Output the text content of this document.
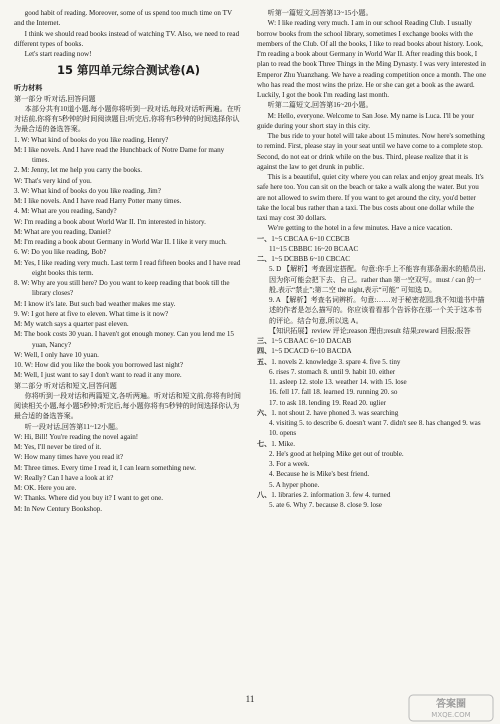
good habit of reading. Moreover, some of us spend too much time on TV and the Internet.

I think we should read books instead of watching TV. Also, we need to read different types of books.

Let's start reading now!

15 第四单元综合测试卷(A)

听力材料

第一部分 听对话,回答问题

本部分共有10道小题,每小题你将听到一段对话,每段对话听两遍。在听对话前,你将有5秒钟的时间阅读题目;听完后,你将有5秒钟的时间选择你认为最合适的备选答案。

1. W: What kind of books do you like reading, Henry?

M: I like novels. And I have read the Hunchback of Notre Dame for many times.

2. M: Jenny, let me help you carry the books.

W: That's very kind of you.

3. W: What kind of books do you like reading, Jim?

M: I like novels. And I have read Harry Potter many times.

4. M: What are you reading, Sandy?

W: I'm reading a book about World War II. I'm interested in history.

M: What are you reading, Daniel?

M: I'm reading a book about Germany in World War II. I like it very much.

6. W: Do you like reading, Bob?

M: Yes, I like reading very much. Last term I read fifteen books and I have read eight books this term.

8. W: Why are you still here? Do you want to keep reading that book till the library closes?

M: I know it's late. But such bad weather makes me stay.

9. W: I got here at five to eleven. What time is it now?

M: My watch says a quarter past eleven.

M: The book costs 30 yuan. I haven't got enough money. Can you lend me 15 yuan, Nancy?

W: Well, I only have 10 yuan.

10. W: How did you like the book you borrowed last night?

M: Well, I just want to say I don't want to read it any more.

第二部分 听对话和短文,回答问题

你将听到一段对话和两篇短文,各听两遍。听对话和短文前,你将有时间阅读相关小题,每小题5秒钟;听完后,每小题你将有5秒钟的时间选择你认为最合适的备选答案。

听一段对话,回答第11~12小题。

W: Hi, Bill! You're reading the novel again!

M: Yes, I'll never be tired of it.

W: How many times have you read it?

M: Three times. Every time I read it, I can learn something new.

W: Really? Can I have a look at it?

M: OK. Here you are.

W: Thanks. Where did you buy it? I want to get one.

M: In New Century Bookshop.

听第一篇短文,回答第13~15小题。

W: I like reading very much. I am in our school Reading Club. I usually borrow books from the school library, sometimes I exchange books with the members of the Club. Of all the books, I like to read books about history. Look, I'm reading a book about Germany in World War II. After reading this book, I plan to read the book Three Things in the Ming Dynasty. I was very interested in Emperor Zhu Yuanzhang. We have a reading competition once a month. The one who has read the most wins the prize. He or she can get a book as the award. Luckily, I got the book I'm reading last month.

听第二篇短文,回答第16~20小题。

M: Hello, everyone. Welcome to San Jose. My name is Luca. I'll be your guide during your short stay in this city.

The bus ride to your hotel will take about 15 minutes. Now here's something to remind. First, please stay in your seat until we have come to a complete stop. Second, do not eat or drink while on the bus. Third, please realize that it is against the law to get drunk in public.

This is a beautiful, quiet city where you can relax and enjoy great meals. It's safe here too. You can sit on the beach or take a walk along the water. But you are not allowed to swim there. If you want to get around the city, you'd better take the local bus rather than a taxi. The bus costs about one dollar while the taxi may cost 30 dollars.

We're getting to the hotel in a few minutes. Have a nice vacation.

一、1~5 CBCAA 6~10 CCBCB

11~15 CBBBC 16~20 BCAAC

二、1~5 DCBBB 6~10 CBCAC

5. D 【解析】考查固定搭配。句意:你手上不能容有那条溺水的船员出,因为你可能会把下去、自己。rather than 第一空双写。must / can 的一般,表示“禁止”;第二空 the night,表示“可能” 可知选 D。

9. A 【解析】考查名词辨析。句意:……对于秘密花园,我不知道书中描述的作者是怎么描写的。你应该看看那个告诉你在那一个关于这本书的评论。结合句意,所以选 A。

【知识拓展】review 评论;reason 理由;result 结果;reward 回报;报答

三、1~5 CBAAC 6~10 DACAB

四、1~5 DCACD 6~10 BACDA

五、1. novels 2. knowledge 3. spare 4. five 5. tiny

6. rises 7. stomach 8. until 9. habit 10. either

11. asleep 12. stole 13. weather 14. with 15. lose

16. fell 17. fall 18. learned 19. running 20. so

17. to ask 18. lending 19. Read 20. uglier

六、1. not shout 2. have phoned 3. was searching

4. visiting 5. to describe 6. doesn't want 7. didn't see 8. has changed 9. was 10. opens

七、1. Mike.

2. He's good at helping Mike get out of trouble.

3. For a week.

4. Because he is Mike's best friend.

5. A hyper phone.

八、1. libraries 2. information 3. few 4. turned

5. ate 6. Why 7. because 8. close 9. lose

11	答案圈
MXQE.COM
